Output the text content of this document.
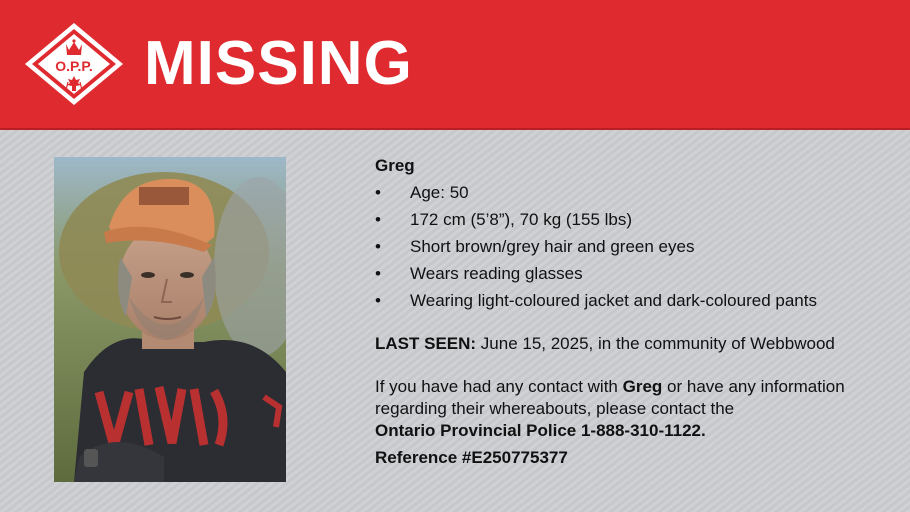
O.P.P. MISSING

Greg

• Age: 50
• 172 cm (5’8”), 70 kg (155 lbs)
• Short brown/grey hair and green eyes
• Wears reading glasses
• Wearing light-coloured jacket and dark-coloured pants
LAST SEEN: June 15, 2025, in the community of Webbwood
If you have had any contact with Greg or have any information regarding their whereabouts, please contact the
Ontario Provincial Police 1-888-310-1122.
Reference #E250775377
